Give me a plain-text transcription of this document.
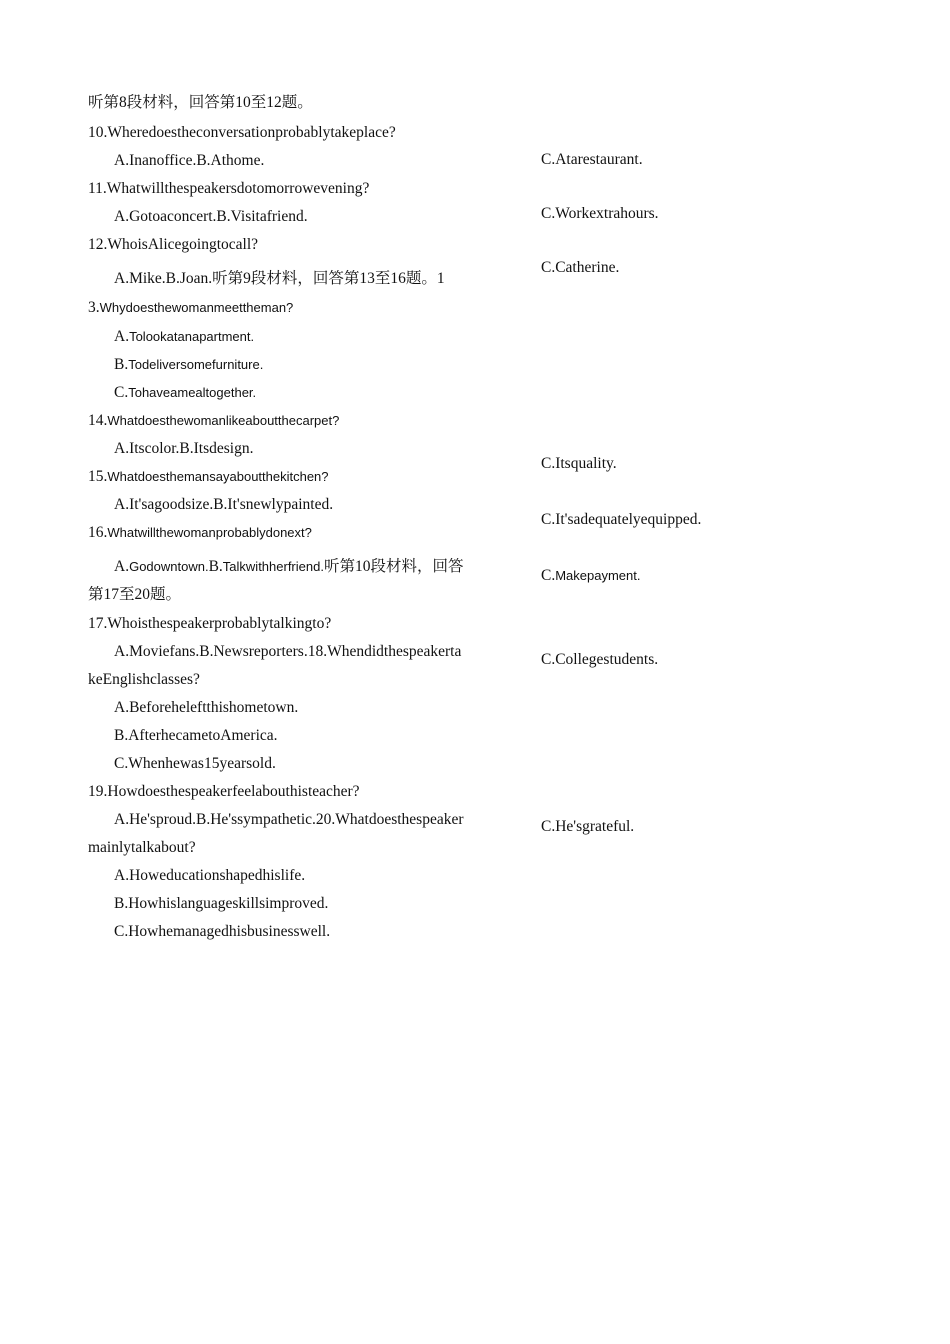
听第8段材料，回答第10至12题。
10.Wheredoestheconversationprobablytakeplace?
A.Inanoffice.B.Athome.	C.Atarestaurant.
11.Whatwillthespeakersdotomorrowevening?
A.Gotoaconcert.B.Visitafriend.	C.Workextrahours.
12.WhoisAlicegoingtocall?
A.Mike.B.Joan.听第9段材料，回答第13至16题。1
C.Catherine.
3.Whydoesthewomanmeettheman?
A.Tolookatanapartment.
B.Todeliversomefurniture.
C.Tohaveamealtogether.
14.Whatdoesthewomanlikeaboutthecarpet?
A.Itscolor.B.Itsdesign.
C.Itsquality.
15.Whatdoesthemansayaboutthekitchen?
A.It'sagoodsize.B.It'snewlypainted.
C.It'sadequatelyequipped.
16.Whatwillthewomanprobablydonext?
A.Godowntown.B.Talkwithherfriend.听第10段材料，回答
第17至20题。
C.Makepayment.
17.Whoisthespeakerprobablytalkingto?
A.Moviefans.B.Newsreporters.18.Whendidthespeakerta	C.Collegestudents.
keEnglishclasses?
A.Beforeheleftthishometown.
B.AfterhecametoAmerica.
C.Whenhewas15yearsold.
19.Howdoesthespeakerfeelabouthisteacher?
A.He'sproud.B.He'ssympathetic.20.Whatdoesthespeaker	C.He'sgrateful.
mainlytalkabout?
A.Howeducationshapedhislife.
B.Howhislanguageskillsimproved.
C.Howhemanagedhisbusinesswell.
